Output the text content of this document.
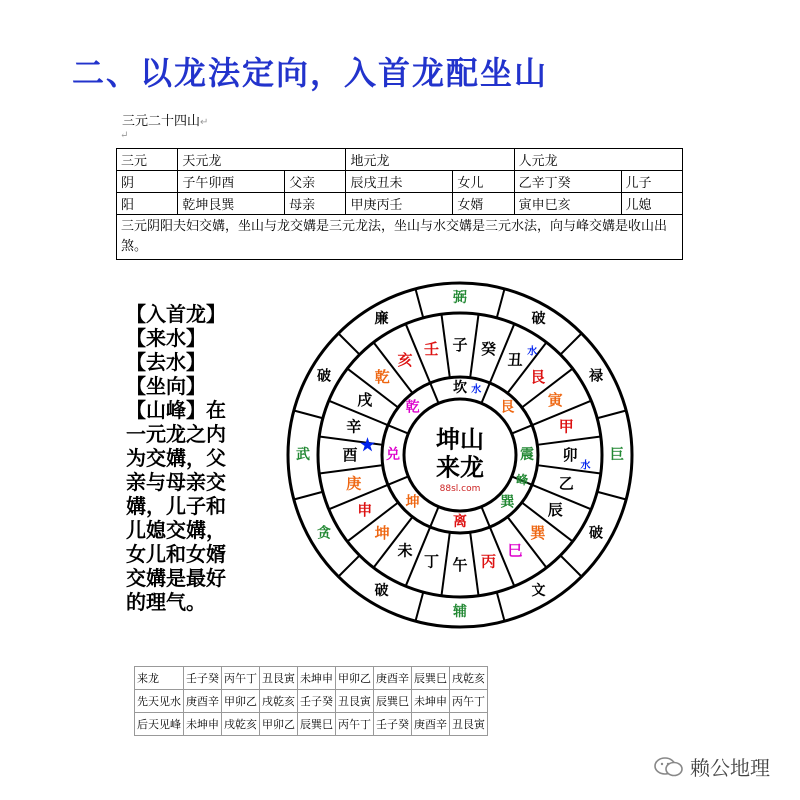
二、以龙法定向，入首龙配坐山
三元二十四山↵
↵
三元	天元龙		地元龙		人元龙	
阴	子午卯酉	父亲	辰戌丑未	女儿	乙辛丁癸	儿子
阳	乾坤艮巽	母亲	甲庚丙壬	女婿	寅申巳亥	儿媳
三元阴阳夫妇交媾，坐山与龙交媾是三元龙法，坐山与水交媾是三元水法，向与峰交媾是收山出煞。						
【入首龙】
【来水】
【去水】
【坐向】
【山峰】在
一元龙之内
为交媾，父
亲与母亲交
媾，儿子和
儿媳交媾，
女儿和女婿
交媾是最好
的理气。
弼
破
禄
巨
破
文
辅
破
贪
武
破
廉
子 癸
丑
艮
寅
甲
卯
乙
辰
巽
巳
丙
午
丁
未
坤
申
庚
酉
辛
戌
乾
亥
壬
坎
艮
震
巽
离
坤
兑
乾
水
水
水
峰
★	坤山
来龙
88sl.com
来龙	壬子癸	丙午丁	丑艮寅	未坤申	甲卯乙	庚酉辛	辰巽巳	戌乾亥
先天见水	庚酉辛	甲卯乙	戌乾亥	壬子癸	丑艮寅	辰巽巳	未坤申	丙午丁
后天见峰	未坤申	戌乾亥	甲卯乙	辰巽巳	丙午丁	壬子癸	庚酉辛	丑艮寅
赖公地理
